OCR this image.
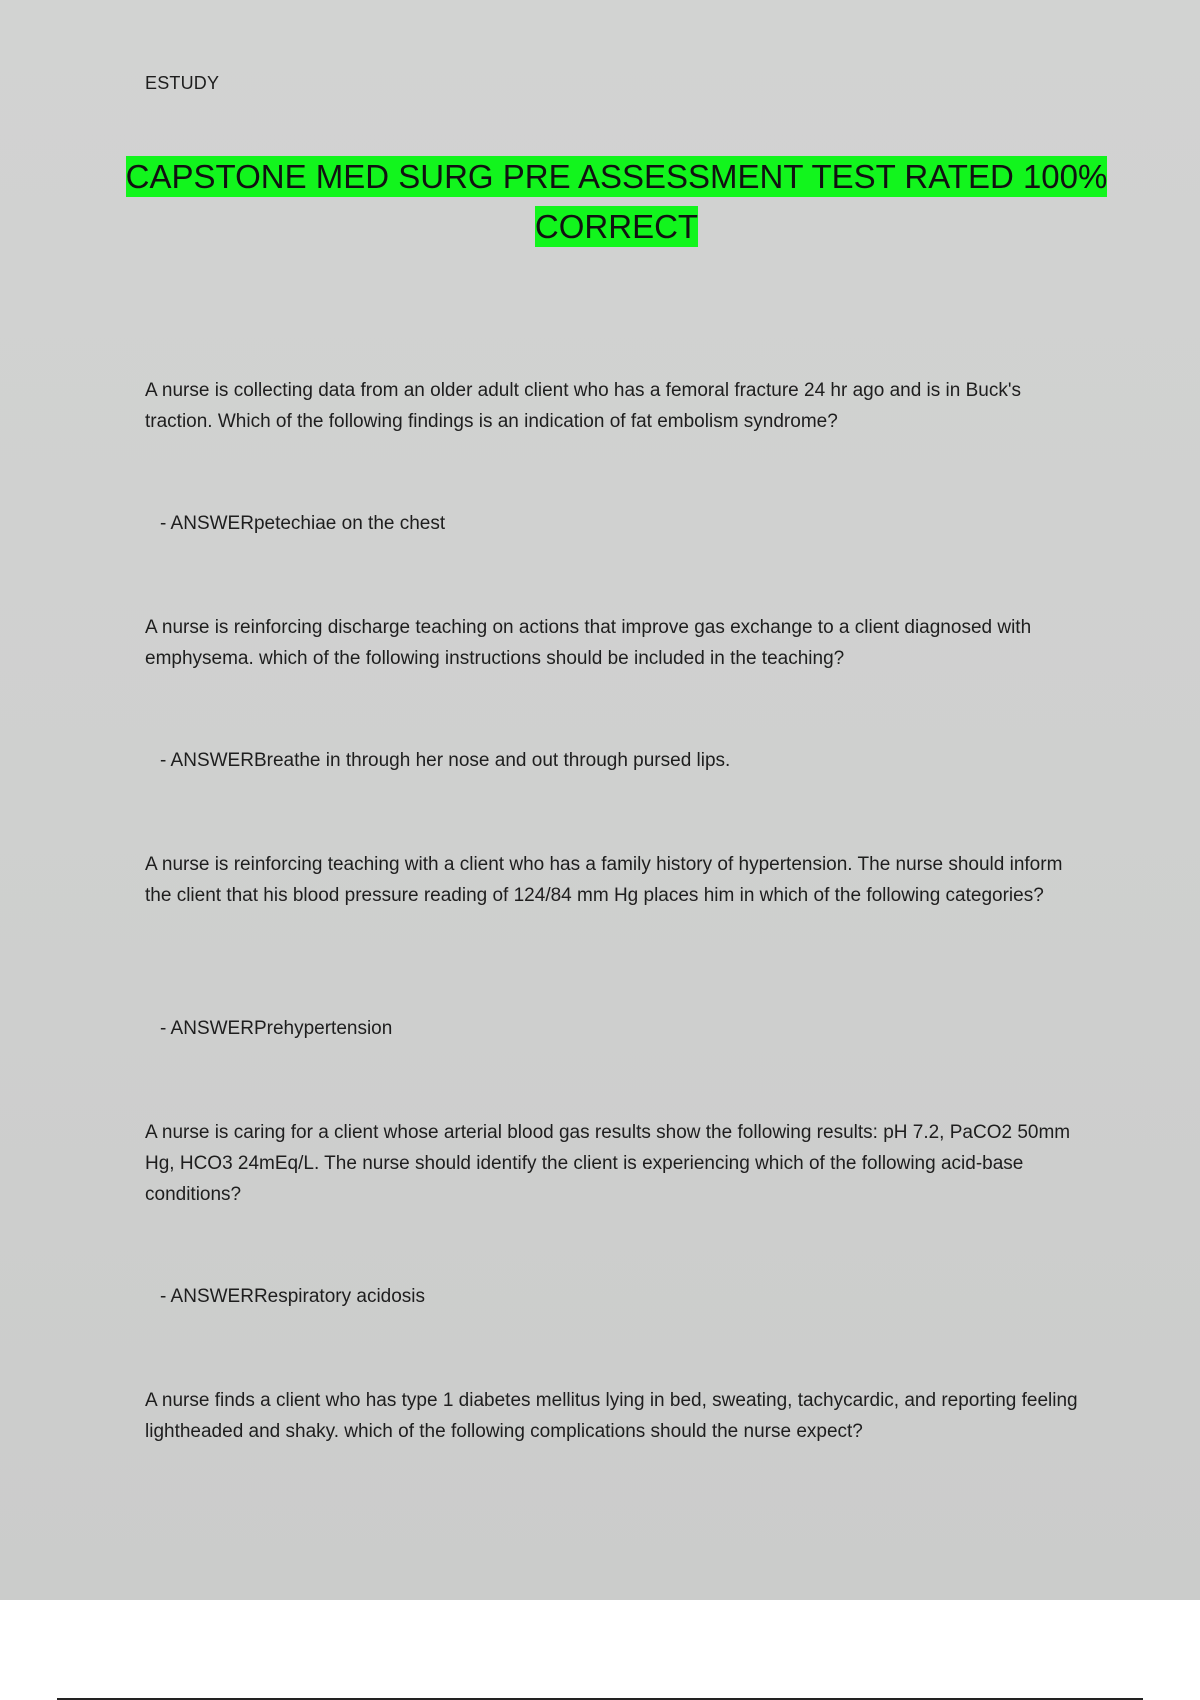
ESTUDY
CAPSTONE MED SURG PRE ASSESSMENT TEST RATED 100%
CORRECT
A nurse is collecting data from an older adult client who has a femoral fracture 24 hr ago and is in Buck's traction. Which of the following findings is an indication of fat embolism syndrome?
- ANSWERpetechiae on the chest
A nurse is reinforcing discharge teaching on actions that improve gas exchange to a client diagnosed with emphysema. which of the following instructions should be included in the teaching?
- ANSWERBreathe in through her nose and out through pursed lips.
A nurse is reinforcing teaching with a client who has a family history of hypertension. The nurse should inform the client that his blood pressure reading of 124/84 mm Hg places him in which of the following categories?
- ANSWERPrehypertension
A nurse is caring for a client whose arterial blood gas results show the following results: pH 7.2, PaCO2 50mm Hg, HCO3 24mEq/L. The nurse should identify the client is experiencing which of the following acid-base conditions?
- ANSWERRespiratory acidosis
A nurse finds a client who has type 1 diabetes mellitus lying in bed, sweating, tachycardic, and reporting feeling lightheaded and shaky. which of the following complications should the nurse expect?
